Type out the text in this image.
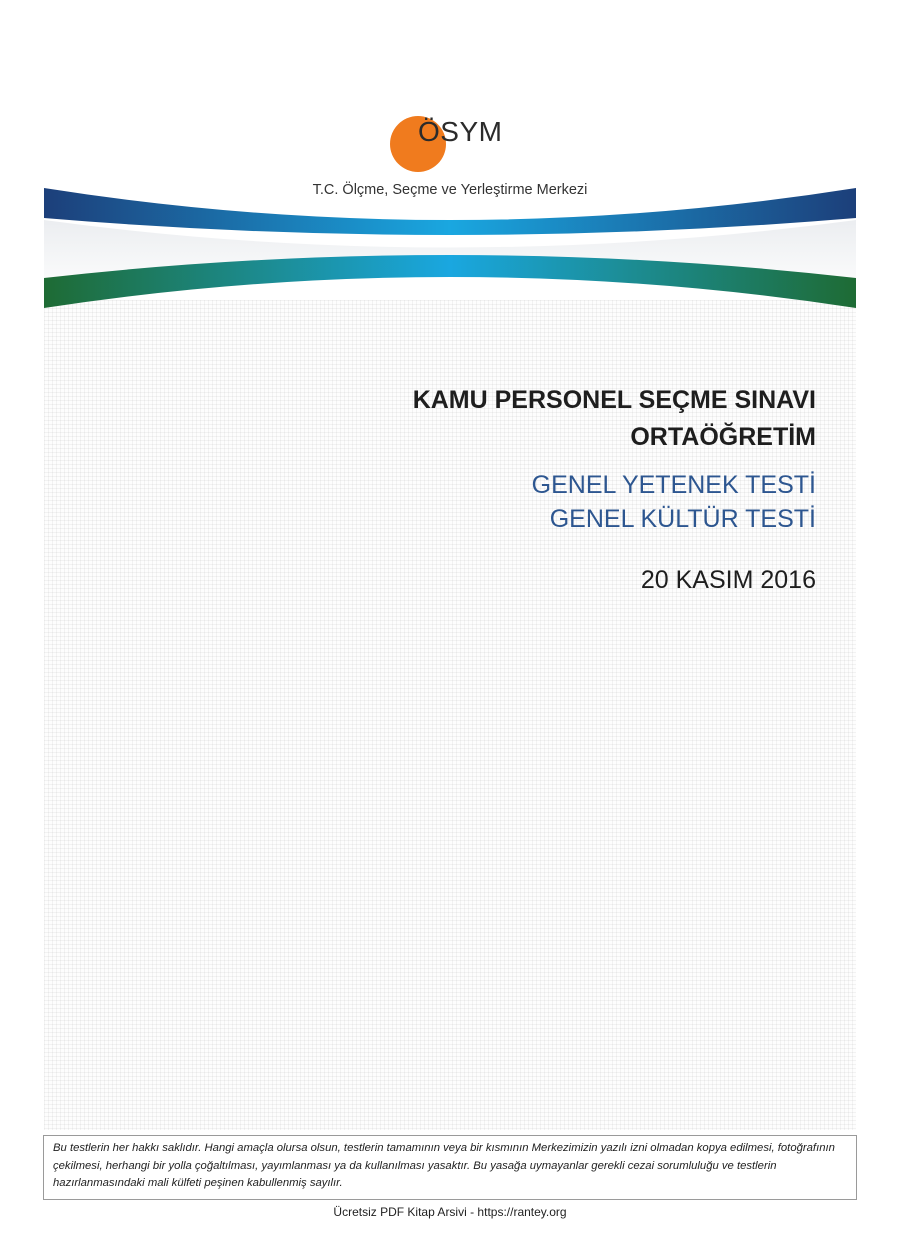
ÖSYM
T.C. Ölçme, Seçme ve Yerleştirme Merkezi
KAMU PERSONEL SEÇME SINAVI
ORTAÖĞRETİM
GENEL YETENEK TESTİ
GENEL KÜLTÜR TESTİ
20 KASIM 2016
Bu testlerin her hakkı saklıdır. Hangi amaçla olursa olsun, testlerin tamamının veya bir kısmının Merkezimizin yazılı izni olmadan kopya edilmesi, fotoğrafının çekilmesi, herhangi bir yolla çoğaltılması, yayımlanması ya da kullanılması yasaktır. Bu yasağa uymayanlar gerekli cezai sorumluluğu ve testlerin hazırlanmasındaki mali külfeti peşinen kabullenmiş sayılır.
Ücretsiz PDF Kitap Arsivi - https://rantey.org
